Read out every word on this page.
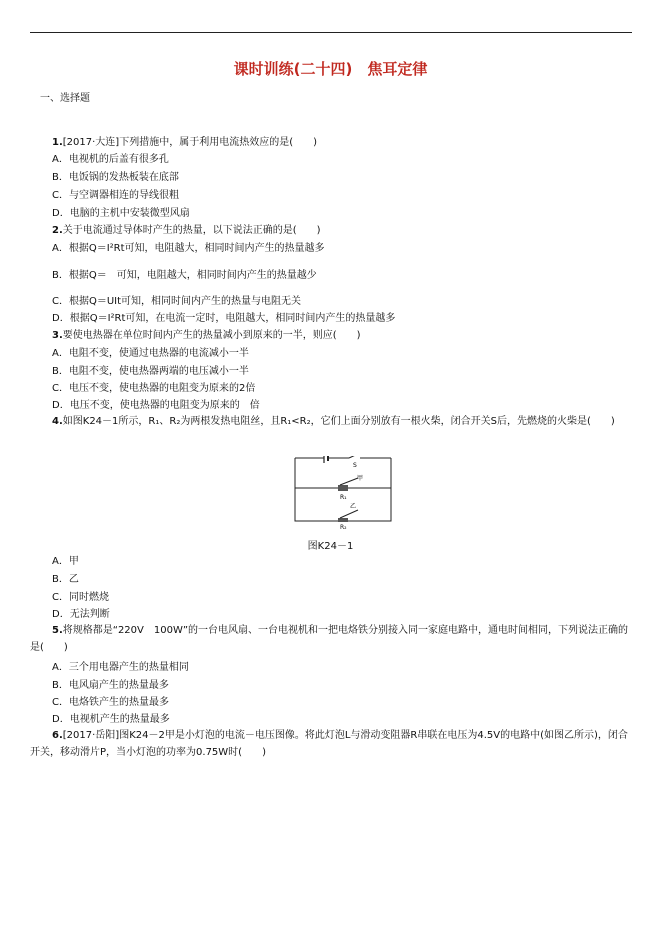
课时训练(二十四)　焦耳定律
一、选择题
1.[2017·大连]下列措施中，属于利用电流热效应的是(　　)
A．电视机的后盖有很多孔
B．电饭锅的发热板装在底部
C．与空调器相连的导线很粗
D．电脑的主机中安装微型风扇
2.关于电流通过导体时产生的热量，以下说法正确的是(　　)
A．根据Q＝I²Rt可知，电阻越大，相同时间内产生的热量越多
B．根据Q＝　可知，电阻越大，相同时间内产生的热量越少
C．根据Q＝UIt可知，相同时间内产生的热量与电阻无关
D．根据Q＝I²Rt可知，在电流一定时，电阻越大，相同时间内产生的热量越多
3.要使电热器在单位时间内产生的热量减小到原来的一半，则应(　　)
A．电阻不变，使通过电热器的电流减小一半
B．电阻不变，使电热器两端的电压减小一半
C．电压不变，使电热器的电阻变为原来的2倍
D．电压不变，使电热器的电阻变为原来的　倍
4.如图K24－1所示，R₁、R₂为两根发热电阻丝，且R₁<R₂，它们上面分别放有一根火柴，闭合开关S后，先燃烧的火柴是(　　)
S
甲
R₁
乙
R₂
图K24－1
A．甲
B．乙
C．同时燃烧
D．无法判断
5.将规格都是“220V　100W”的一台电风扇、一台电视机和一把电烙铁分别接入同一家庭电路中，通电时间相同，下列说法正确的是(　　)
A．三个用电器产生的热量相同
B．电风扇产生的热量最多
C．电烙铁产生的热量最多
D．电视机产生的热量最多
6.[2017·岳阳]图K24－2甲是小灯泡的电流－电压图像。将此灯泡L与滑动变阻器R串联在电压为4.5V的电路中(如图乙所示)，闭合开关，移动滑片P，当小灯泡的功率为0.75W时(　　)
